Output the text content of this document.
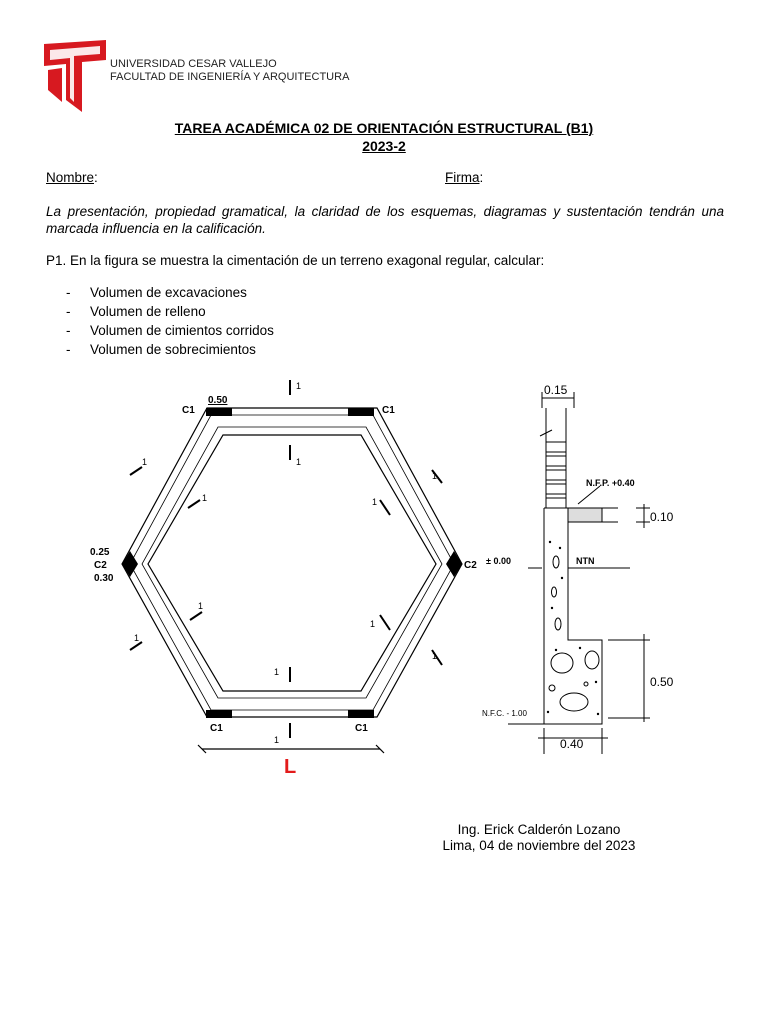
UNIVERSIDAD CESAR VALLEJO
FACULTAD DE INGENIERÍA Y ARQUITECTURA
TAREA ACADÉMICA 02 DE ORIENTACIÓN ESTRUCTURAL (B1)
2023-2
Nombre:	Firma:
La presentación, propiedad gramatical, la claridad de los esquemas, diagramas y sustentación tendrán una marcada influencia en la calificación.
P1. En la figura se muestra la cimentación de un terreno exagonal regular, calcular:
- Volumen de excavaciones
- Volumen de relleno
- Volumen de cimientos corridos
- Volumen de sobrecimientos
C1	C1
C1	C1
C2	C2
0.50
0.25
0.30
1
1
1
1
1
1	1
1
1
1
1
1
L
0.15
0.10
0.50
0.40
N.F.P. +0.40
± 0.00	NTN
N.F.C. - 1.00
Ing. Erick Calderón Lozano
Lima, 04 de noviembre del 2023
